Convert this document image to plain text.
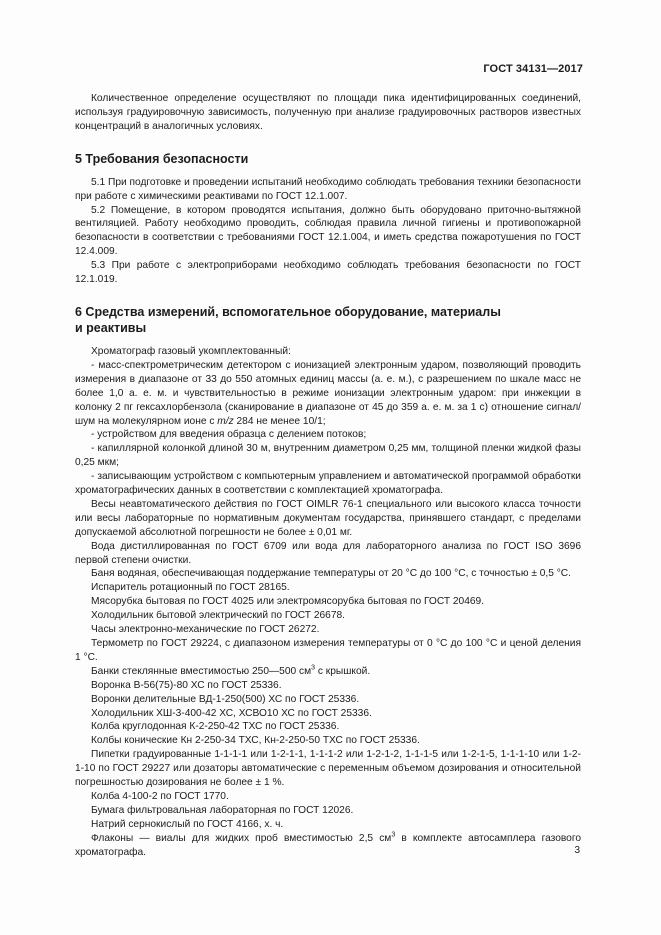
ГОСТ 34131—2017

Количественное определение осуществляют по площади пика идентифицированных соединений, используя градуировочную зависимость, полученную при анализе градуировочных растворов известных концентраций в аналогичных условиях.

5 Требования безопасности

5.1 При подготовке и проведении испытаний необходимо соблюдать требования техники безопасности при работе с химическими реактивами по ГОСТ 12.1.007.

5.2 Помещение, в котором проводятся испытания, должно быть оборудовано приточно-вытяжной вентиляцией. Работу необходимо проводить, соблюдая правила личной гигиены и противопожарной безопасности в соответствии с требованиями ГОСТ 12.1.004, и иметь средства пожаротушения по ГОСТ 12.4.009.

5.3 При работе с электроприборами необходимо соблюдать требования безопасности по ГОСТ 12.1.019.

6 Средства измерений, вспомогательное оборудование, материалы
и реактивы

Хроматограф газовый укомплектованный:

- масс-спектрометрическим детектором с ионизацией электронным ударом, позволяющий проводить измерения в диапазоне от 33 до 550 атомных единиц массы (а. е. м.), с разрешением по шкале масс не более 1,0 а. е. м. и чувствительностью в режиме ионизации электронным ударом: при инжекции в колонку 2 пг гексахлорбензола (сканирование в диапазоне от 45 до 359 а. е. м. за 1 с) отношение сигнал/шум на молекулярном ионе с m/z 284 не менее 10/1;

- устройством для введения образца с делением потоков;

- капиллярной колонкой длиной 30 м, внутренним диаметром 0,25 мм, толщиной пленки жидкой фазы 0,25 мкм;

- записывающим устройством с компьютерным управлением и автоматической программой обработки хроматографических данных в соответствии с комплектацией хроматографа.

Весы неавтоматического действия по ГОСТ OIMLR 76-1 специального или высокого класса точности или весы лабораторные по нормативным документам государства, принявшего стандарт, с пределами допускаемой абсолютной погрешности не более ± 0,01 мг.

Вода дистиллированная по ГОСТ 6709 или вода для лабораторного анализа по ГОСТ ISO 3696 первой степени очистки.

Баня водяная, обеспечивающая поддержание температуры от 20 °С до 100 °С, с точностью ± 0,5 °С.

Испаритель ротационный по ГОСТ 28165.

Мясорубка бытовая по ГОСТ 4025 или электромясорубка бытовая по ГОСТ 20469.

Холодильник бытовой электрический по ГОСТ 26678.

Часы электронно-механические по ГОСТ 26272.

Термометр по ГОСТ 29224, с диапазоном измерения температуры от 0 °С до 100 °С и ценой деления 1 °С.

Банки стеклянные вместимостью 250—500 $см^3$ с крышкой.

Воронка В-56(75)-80 ХС по ГОСТ 25336.

Воронки делительные ВД-1-250(500) ХС по ГОСТ 25336.

Холодильник ХШ-3-400-42 ХС, ХСВО10 ХС по ГОСТ 25336.

Колба круглодонная К-2-250-42 ТХС по ГОСТ 25336.

Колбы конические Кн 2-250-34 ТХС, Кн-2-250-50 ТХС по ГОСТ 25336.

Пипетки градуированные 1-1-1-1 или 1-2-1-1, 1-1-1-2 или 1-2-1-2, 1-1-1-5 или 1-2-1-5, 1-1-1-10 или 1-2-1-10 по ГОСТ 29227 или дозаторы автоматические с переменным объемом дозирования и относительной погрешностью дозирования не более ± 1 %.

Колба 4-100-2 по ГОСТ 1770.

Бумага фильтровальная лабораторная по ГОСТ 12026.

Натрий сернокислый по ГОСТ 4166, х. ч.

Флаконы — виалы для жидких проб вместимостью 2,5 $см^3$ в комплекте автосамплера газового хроматографа.	3
